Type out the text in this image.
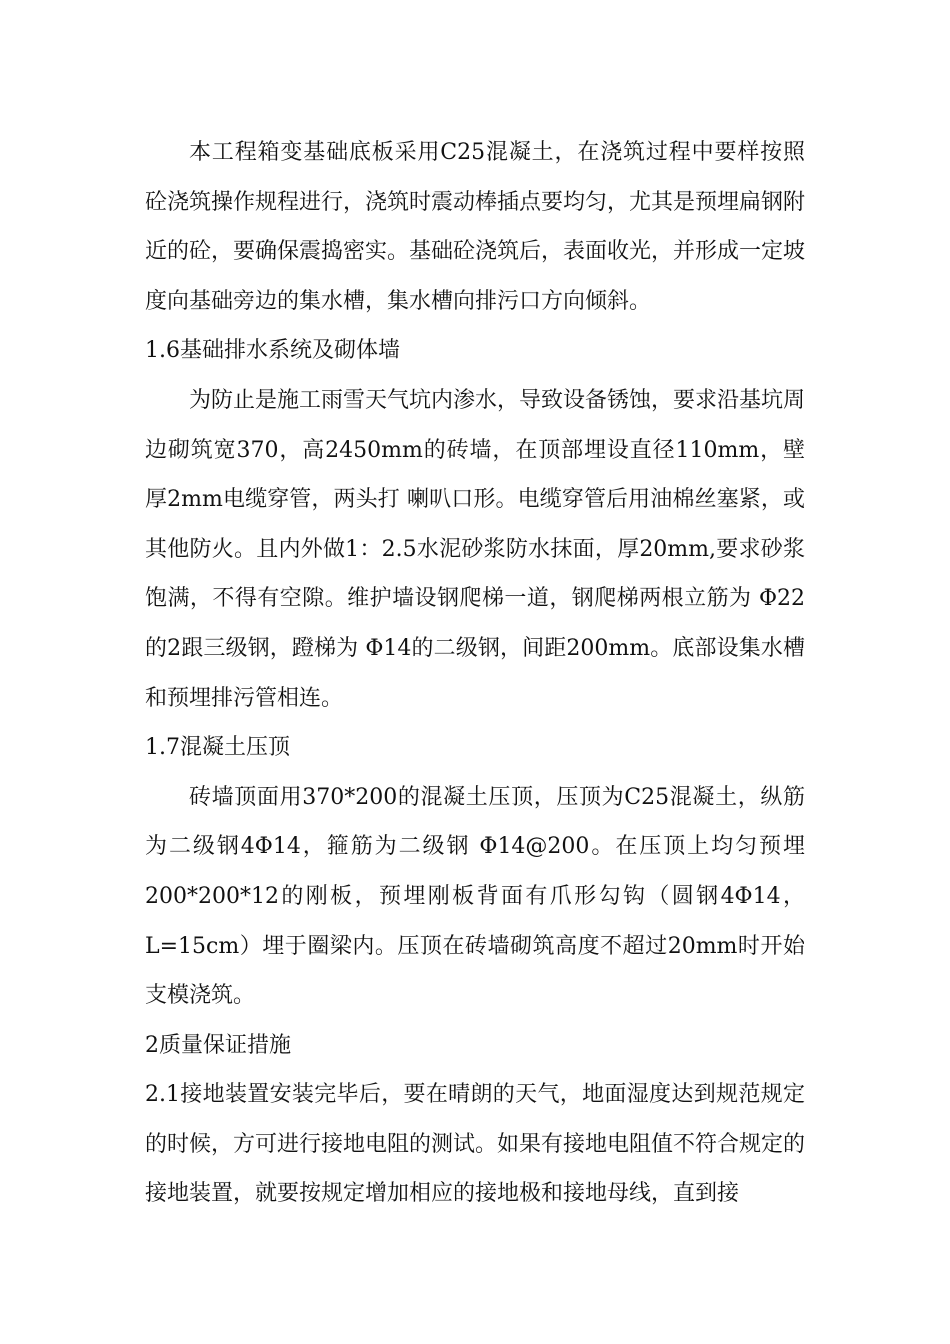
本工程箱变基础底板采用C25混凝土，在浇筑过程中要样按照砼浇筑操作规程进行，浇筑时震动棒插点要均匀，尤其是预埋扁钢附近的砼，要确保震捣密实。基础砼浇筑后，表面收光，并形成一定坡度向基础旁边的集水槽，集水槽向排污口方向倾斜。

1.6基础排水系统及砌体墙

为防止是施工雨雪天气坑内渗水，导致设备锈蚀，要求沿基坑周边砌筑宽370，高2450mm的砖墙，在顶部埋设直径110mm，壁厚2mm电缆穿管，两头打 喇叭口形。电缆穿管后用油棉丝塞紧，或其他防火。且内外做1：2.5水泥砂浆防水抹面，厚20mm,要求砂浆饱满，不得有空隙。维护墙设钢爬梯一道，钢爬梯两根立筋为 Φ22的2跟三级钢，蹬梯为 Φ14的二级钢，间距200mm。底部设集水槽和预埋排污管相连。

1.7混凝土压顶

砖墙顶面用370*200的混凝土压顶，压顶为C25混凝土，纵筋为二级钢4Φ14，箍筋为二级钢 Φ14@200。在压顶上均匀预埋200*200*12的刚板，预埋刚板背面有爪形勾钩（圆钢4Φ14，L=15cm）埋于圈梁内。压顶在砖墙砌筑高度不超过20mm时开始支模浇筑。

2质量保证措施

2.1接地装置安装完毕后，要在晴朗的天气，地面湿度达到规范规定的时候，方可进行接地电阻的测试。如果有接地电阻值不符合规定的接地装置，就要按规定增加相应的接地极和接地母线，直到接
